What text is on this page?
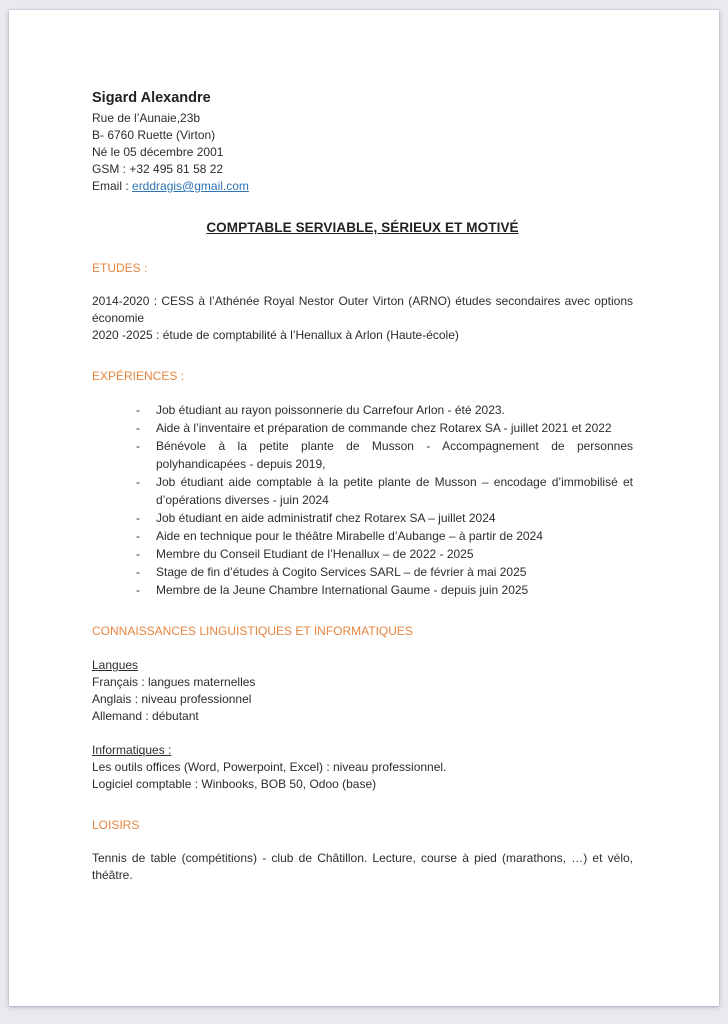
Sigard Alexandre
Rue de l’Aunaie,23b
B- 6760 Ruette (Virton)
Né le 05 décembre 2001
GSM : +32 495 81 58 22
Email : erddragis@gmail.com
COMPTABLE SERVIABLE, SÉRIEUX ET MOTIVÉ
ETUDES :

2014-2020 : CESS à l’Athénée Royal Nestor Outer Virton (ARNO) études secondaires avec options économie

2020 -2025 : étude de comptabilité à l’Henallux à Arlon (Haute-école)

EXPÉRIENCES :
-	Job étudiant au rayon poissonnerie du Carrefour Arlon - été 2023.
-	Aide à l’inventaire et préparation de commande chez Rotarex SA - juillet 2021 et 2022
-	Bénévole à la petite plante de Musson - Accompagnement de personnes polyhandicapées - depuis 2019,
-	Job étudiant aide comptable à la petite plante de Musson – encodage d’immobilisé et d’opérations diverses - juin 2024
-	Job étudiant en aide administratif chez Rotarex SA – juillet 2024
-	Aide en technique pour le théâtre Mirabelle d’Aubange – à partir de 2024
-	Membre du Conseil Etudiant de l’Henallux – de 2022 - 2025
-	Stage de fin d’études à Cogito Services SARL – de février à mai 2025
-	Membre de la Jeune Chambre International Gaume - depuis juin 2025
CONNAISSANCES LINGUISTIQUES ET INFORMATIQUES
Langues

Français : langues maternelles

Anglais : niveau professionnel

Allemand : débutant

Informatiques :

Les outils offices (Word, Powerpoint, Excel) : niveau professionnel.

Logiciel comptable : Winbooks, BOB 50, Odoo (base)

LOISIRS

Tennis de table (compétitions) - club de Châtillon. Lecture, course à pied (marathons, …) et vélo, théâtre.
